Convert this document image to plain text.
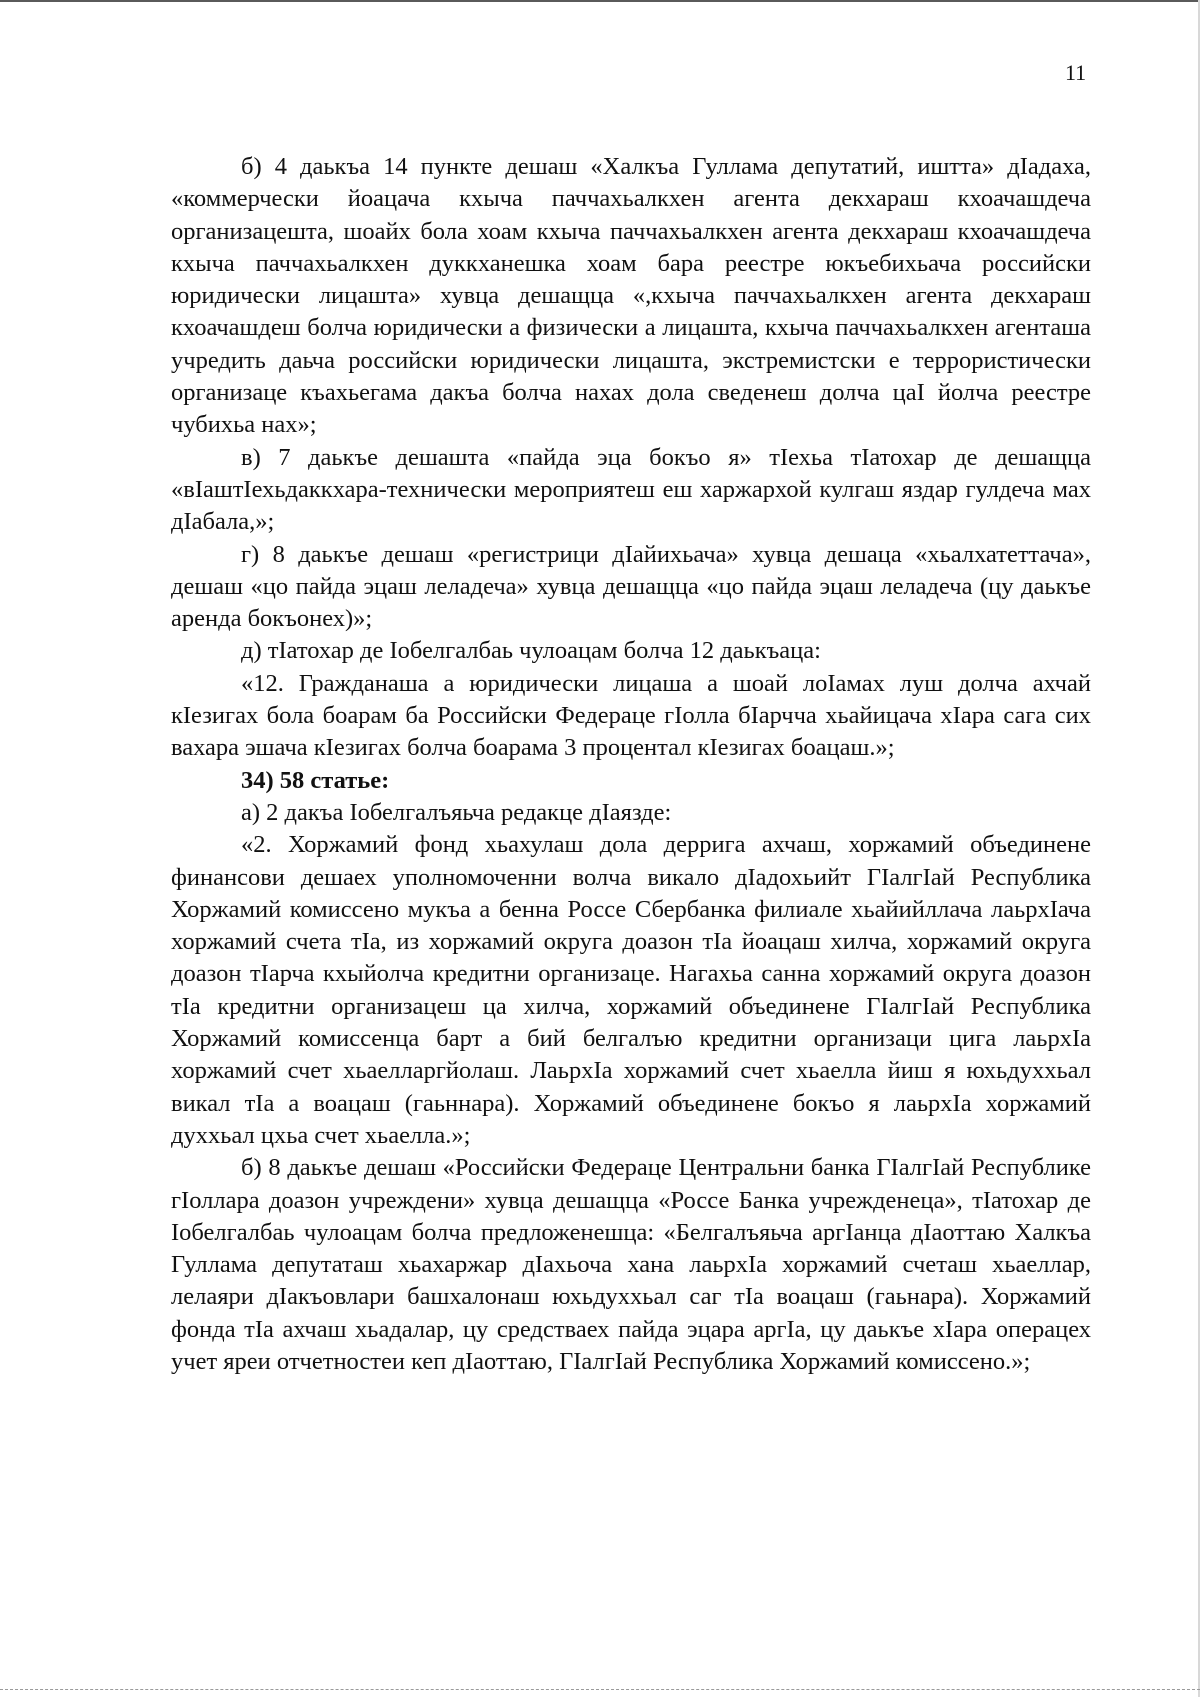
11

б) 4 даькъа 14 пункте дешаш «Халкъа Гуллама депутатий, иштта» дIадаха, «коммерчески йоацача кхыча паччахьалкхен агента декхараш кхоачашдеча организацешта, шоайх бола хоам кхыча паччахьалкхен агента декхараш кхоачашдеча кхыча паччахьалкхен дуккханешка хоам бара реестре юкъебихьача российски юридически лицашта» хувца дешащца «,кхыча паччахьалкхен агента декхараш кхоачашдеш болча юридически а физически а лицашта, кхыча паччахьалкхен агенташа учредить даьча российски юридически лицашта, экстремистски е террористически организаце къахьегама дакъа болча нахах дола сведенеш долча цаI йолча реестре чубихьа нах»;

в) 7 даькъе дешашта «пайда эца бокъо я» тIехьа тIатохар де дешащца «вIаштIехьдаккхара-технически мероприятеш еш харжархой кулгаш яздар гулдеча мах дIабала,»;

г) 8 даькъе дешаш «регистрици дIайихьача» хувца дешаца «хьалхатеттача», дешаш «цо пайда эцаш леладеча» хувца дешащца «цо пайда эцаш леладеча (цу даькъе аренда бокъонех)»;

д) тIатохар де Iобелгалбаь чулоацам болча 12 даькъаца:

«12. Гражданаша а юридически лицаша а шоай лоIамах луш долча ахчай кIезигах бола боарам ба Российски Федераце гIолла бIарчча хьайицача хIара сага сих вахара эшача кIезигах болча боарама 3 процентал кIезигах боацаш.»;

34) 58 статье:

а) 2 дакъа Iобелгалъяьча редакце дIаязде:

«2. Хоржамий фонд хьахулаш дола деррига ахчаш, хоржамий объединене финансови дешаех уполномоченни волча викало дIадохьийт ГIалгIай Республика Хоржамий комиссено мукъа а бенна Россе Сбербанка филиале хьайийллача лаьрхIача хоржамий счета тIа, из хоржамий округа доазон тIа йоацаш хилча, хоржамий округа доазон тIарча кхыйолча кредитни организаце. Нагахьа санна хоржамий округа доазон тIа кредитни организацеш ца хилча, хоржамий объединене ГIалгIай Республика Хоржамий комиссенца барт а бий белгалъю кредитни организаци цига лаьрхIа хоржамий счет хьаелларгйолаш. ЛаьрхIа хоржамий счет хьаелла йиш я юхьдуххьал викал тIа а воацаш (гаьннара). Хоржамий объединене бокъо я лаьрхIа хоржамий духхьал цхьа счет хьаелла.»;

б) 8 даькъе дешаш «Российски Федераце Центральни банка ГIалгIай Республике гIоллара доазон учреждени» хувца дешащца «Россе Банка учрежденеца», тIатохар де Iобелгалбаь чулоацам болча предложенешца: «Белгалъяьча аргIанца дIаоттаю Халкъа Гуллама депутаташ хьахаржар дIахьоча хана лаьрхIа хоржамий счеташ хьаеллар, лелаяри дIакъовлари башхалонаш юхьдуххьал саг тIа воацаш (гаьнара). Хоржамий фонда тIа ахчаш хьадалар, цу средстваех пайда эцара аргIа, цу даькъе хIара операцех учет яреи отчетностеи кеп дIаоттаю, ГIалгIай Республика Хоржамий комиссено.»;
